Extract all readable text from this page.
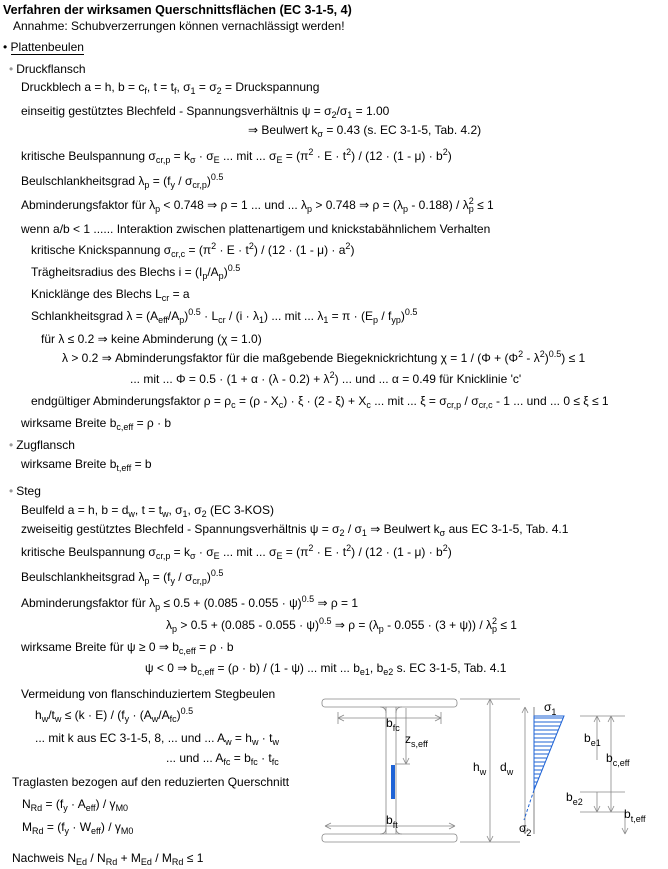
Verfahren der wirksamen Querschnittsflächen (EC 3-1-5, 4)
Annahme: Schubverzerrungen können vernachlässigt werden!
• Plattenbeulen
• Druckflansch
Druckblech a = h, $b = c_f$, $t = t_f$, $\sigma_1 = \sigma_2$ = Druckspannung
einseitig gestütztes Blechfeld - Spannungsverhältnis $\psi = \sigma_2/\sigma_1 = 1.00$
⇒ Beulwert $k_\sigma = 0.43$ (s. EC 3-1-5, Tab. 4.2)
kritische Beulspannung $\sigma_{cr,p} = k_\sigma \cdot \sigma_E$ ... mit ... $\sigma_E = (\pi^2 \cdot E \cdot t^2) / (12 \cdot (1 - \mu) \cdot b^2)$
Beulschlankheitsgrad $\lambda_p = (f_y / \sigma_{cr,p})^{0.5}$
Abminderungsfaktor für $\lambda_p < 0.748$ ⇒ ρ = 1 ... und ... $\lambda_p > 0.748$ ⇒ $\rho = (\lambda_p - 0.188) / \lambda_p^2 \le 1$
wenn a/b < 1 ...... Interaktion zwischen plattenartigem und knickstabähnlichem Verhalten
kritische Knickspannung $\sigma_{cr,c} = (\pi^2 \cdot E \cdot t^2) / (12 \cdot (1 - \mu) \cdot a^2)$
Trägheitsradius des Blechs $i = (I_p/A_p)^{0.5}$
Knicklänge des Blechs $L_{cr} = a$
Schlankheitsgrad $\lambda = (A_{eff}/A_p)^{0.5} \cdot L_{cr} / (i \cdot \lambda_1)$ ... mit ... $\lambda_1 = \pi \cdot (E_p / f_{yp})^{0.5}$
für λ ≤ 0.2 ⇒ keine Abminderung (χ = 1.0)
λ > 0.2 ⇒ Abminderungsfaktor für die maßgebende Biegeknickrichtung $\chi = 1 / (\Phi + (\Phi^2 - \lambda^2)^{0.5}) \le 1$
... mit ... $\Phi = 0.5 \cdot (1 + \alpha \cdot (\lambda - 0.2) + \lambda^2)$ ... und ... α = 0.49 für Knicklinie 'c'
endgültiger Abminderungsfaktor $\rho = \rho_c = (\rho - X_c) \cdot \xi \cdot (2 - \xi) + X_c$ ... mit ... $\xi = \sigma_{cr,p} / \sigma_{cr,c} - 1$ ... und ... 0 ≤ ξ ≤ 1
wirksame Breite $b_{c,eff} = \rho \cdot b$
• Zugflansch
wirksame Breite $b_{t,eff} = b$
• Steg
Beulfeld a = h, $b = d_w$, $t = t_w$, $\sigma_1$, $\sigma_2$ (EC 3-KOS)
zweiseitig gestütztes Blechfeld - Spannungsverhältnis $\psi = \sigma_2 / \sigma_1$ ⇒ Beulwert $k_\sigma$ aus EC 3-1-5, Tab. 4.1
kritische Beulspannung $\sigma_{cr,p} = k_\sigma \cdot \sigma_E$ ... mit ... $\sigma_E = (\pi^2 \cdot E \cdot t^2) / (12 \cdot (1 - \mu) \cdot b^2)$
Beulschlankheitsgrad $\lambda_p = (f_y / \sigma_{cr,p})^{0.5}$
Abminderungsfaktor für $\lambda_p \le 0.5 + (0.085 - 0.055 \cdot \psi)^{0.5}$ ⇒ ρ = 1
$\lambda_p > 0.5 + (0.085 - 0.055 \cdot \psi)^{0.5}$ ⇒ $\rho = (\lambda_p - 0.055 \cdot (3 + \psi)) / \lambda_p^2 \le 1$
wirksame Breite für ψ ≥ 0 ⇒ $b_{c,eff} = \rho \cdot b$
ψ < 0 ⇒ $b_{c,eff} = (\rho \cdot b) / (1 - \psi)$ ... mit ... $b_{e1}$, $b_{e2}$ s. EC 3-1-5, Tab. 4.1
Vermeidung von flanschinduziertem Stegbeulen
$h_w/t_w \le (k \cdot E) / (f_y \cdot (A_w/A_{fc})^{0.5}$
... mit k aus EC 3-1-5, 8, ... und ... $A_w = h_w \cdot t_w$
... und ... $A_{fc} = b_{fc} \cdot t_{fc}$
Traglasten bezogen auf den reduzierten Querschnitt
$N_{Rd} = (f_y \cdot A_{eff}) / \gamma_{M0}$
$M_{Rd} = (f_y \cdot W_{eff}) / \gamma_{M0}$
Nachweis $N_{Ed} / N_{Rd} + M_{Ed} / M_{Rd} \le 1$
$b_{fc}$
$z_{s,eff}$
$b_{ft}$
$h_w$ $d_w$
$\sigma_1$
$\sigma_2$
$b_{e1}$
$b_{c,eff}$
$b_{e2}$
$b_{t,eff}$
